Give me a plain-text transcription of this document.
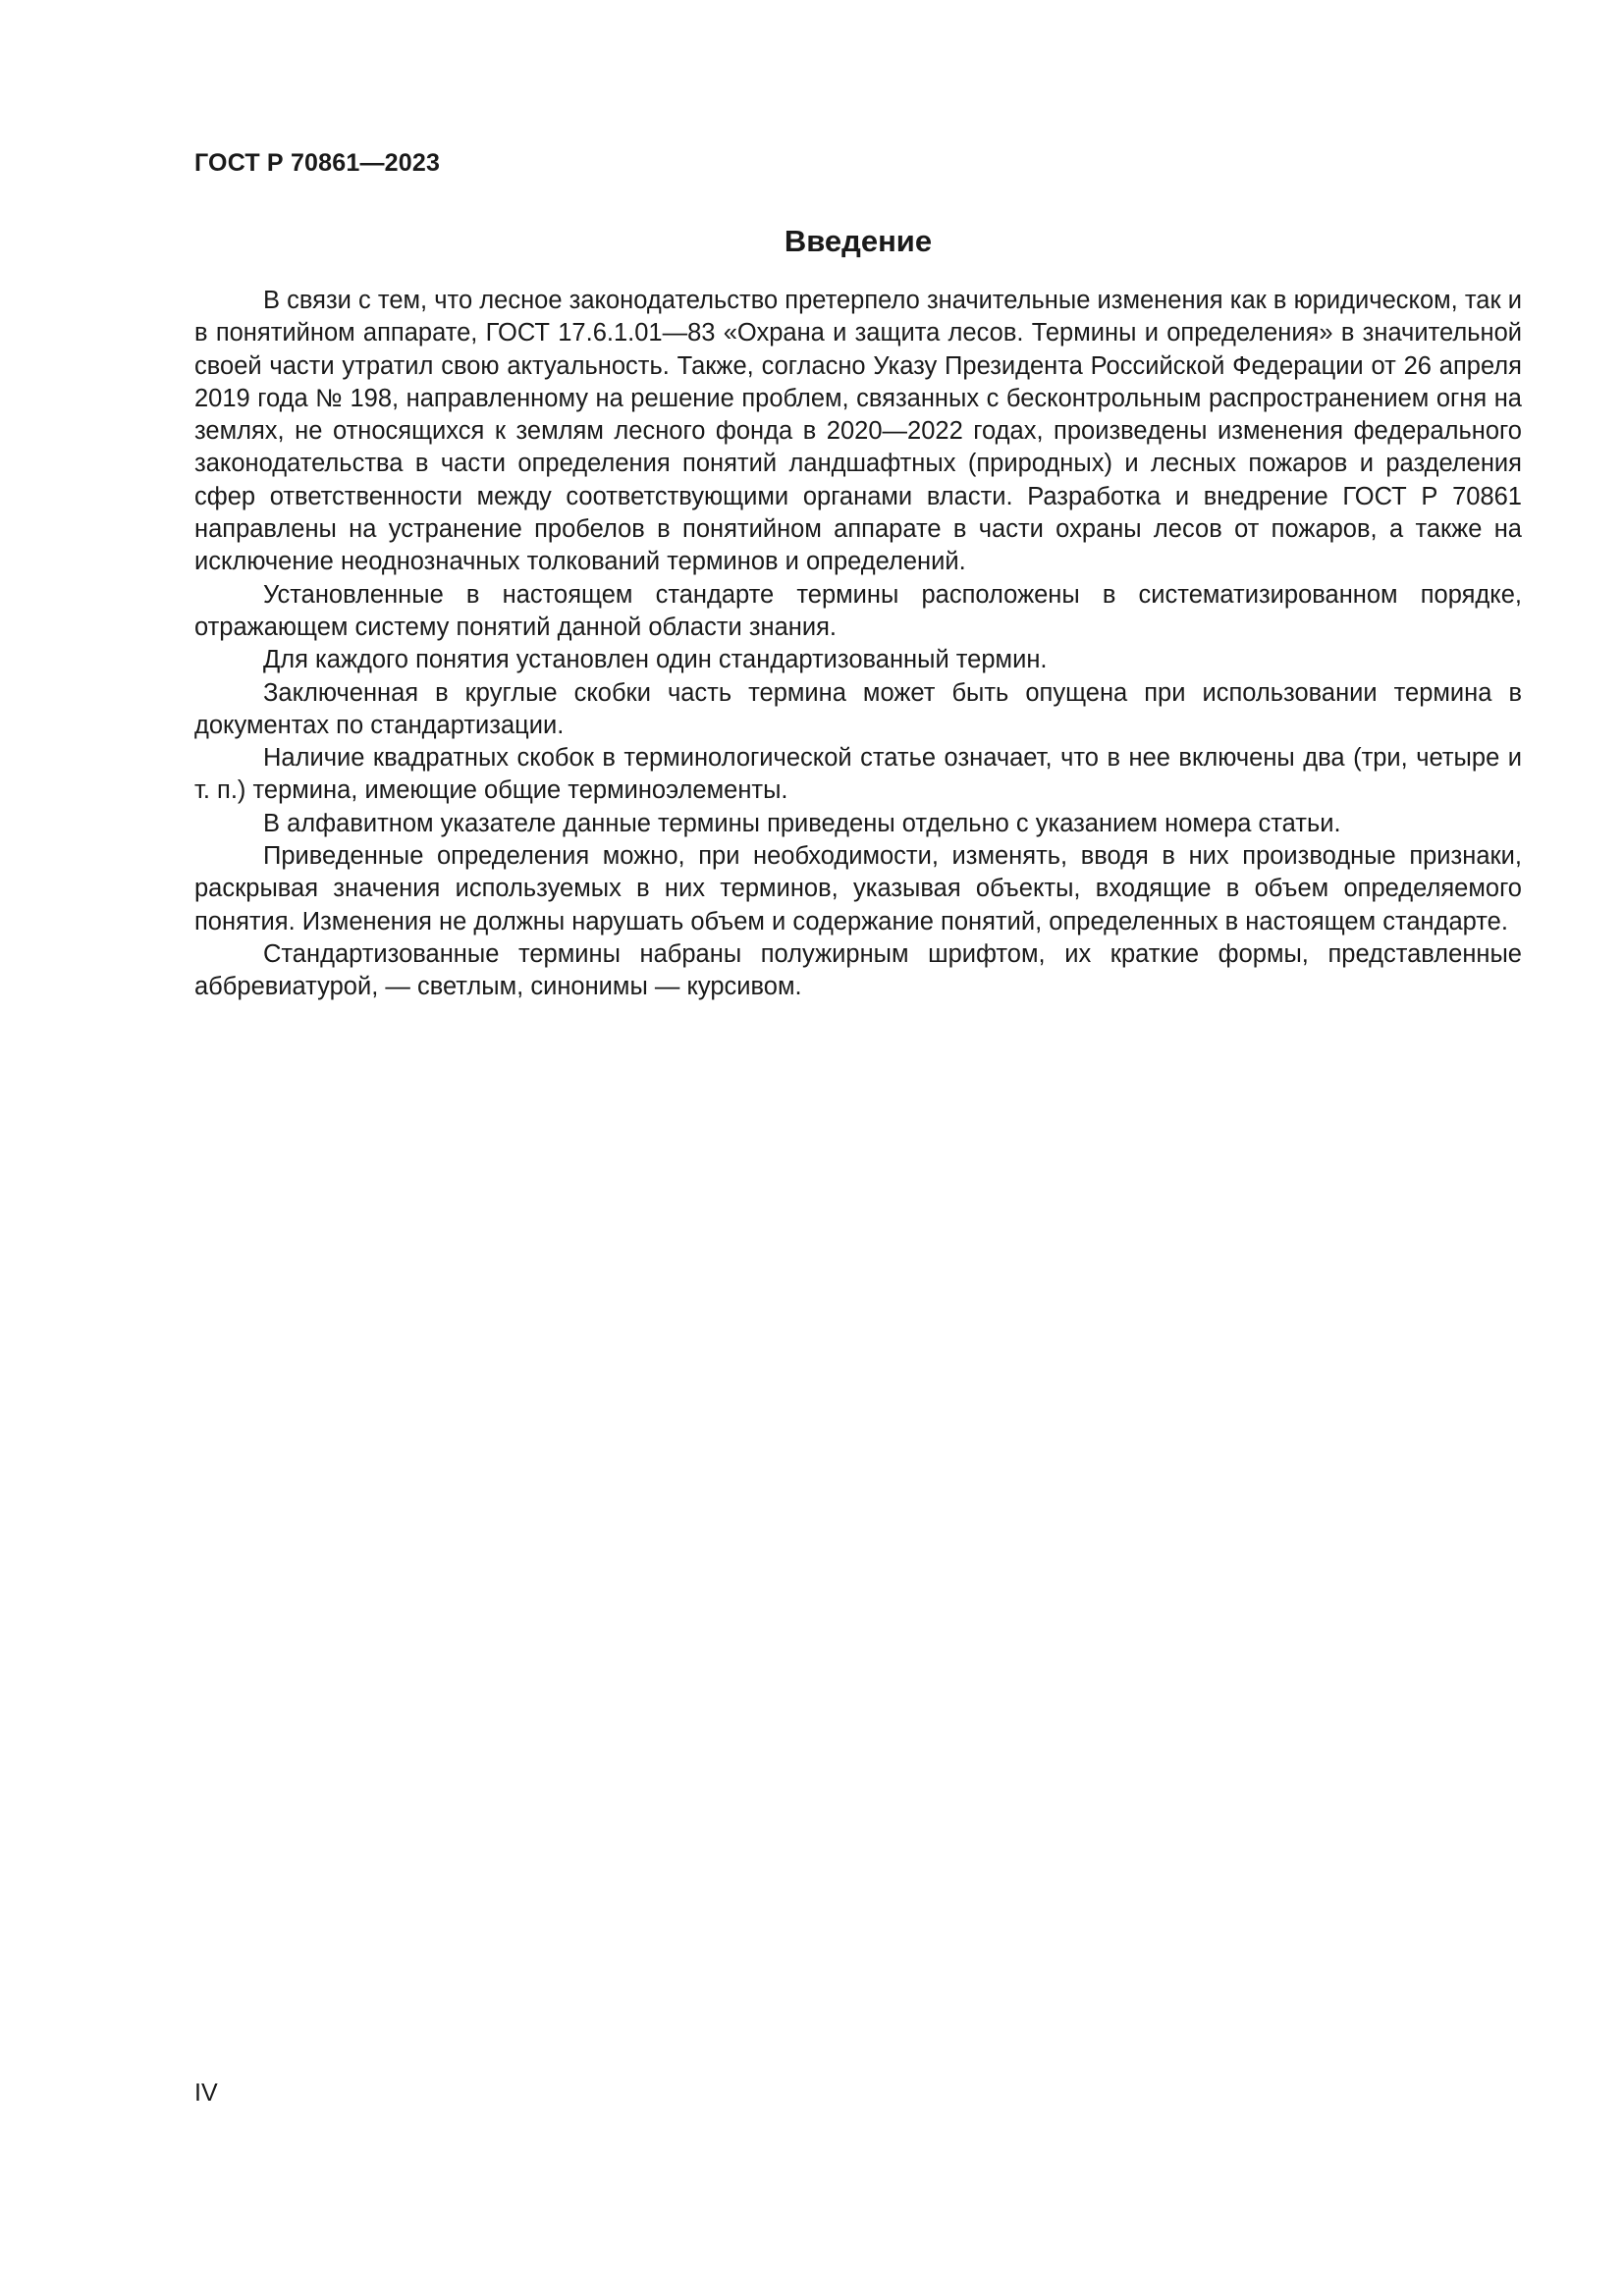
ГОСТ Р 70861—2023
Введение

В связи с тем, что лесное законодательство претерпело значительные изменения как в юридическом, так и в понятийном аппарате, ГОСТ 17.6.1.01—83 «Охрана и защита лесов. Термины и определения» в значительной своей части утратил свою актуальность. Также, согласно Указу Президента Российской Федерации от 26 апреля 2019 года № 198, направленному на решение проблем, связанных с бесконтрольным распространением огня на землях, не относящихся к землям лесного фонда в 2020—2022 годах, произведены изменения федерального законодательства в части определения понятий ландшафтных (природных) и лесных пожаров и разделения сфер ответственности между соответствующими органами власти. Разработка и внедрение ГОСТ Р 70861 направлены на устранение пробелов в понятийном аппарате в части охраны лесов от пожаров, а также на исключение неоднозначных толкований терминов и определений.

Установленные в настоящем стандарте термины расположены в систематизированном порядке, отражающем систему понятий данной области знания.

Для каждого понятия установлен один стандартизованный термин.

Заключенная в круглые скобки часть термина может быть опущена при использовании термина в документах по стандартизации.

Наличие квадратных скобок в терминологической статье означает, что в нее включены два (три, четыре и т. п.) термина, имеющие общие терминоэлементы.

В алфавитном указателе данные термины приведены отдельно с указанием номера статьи.

Приведенные определения можно, при необходимости, изменять, вводя в них производные признаки, раскрывая значения используемых в них терминов, указывая объекты, входящие в объем определяемого понятия. Изменения не должны нарушать объем и содержание понятий, определенных в настоящем стандарте.

Стандартизованные термины набраны полужирным шрифтом, их краткие формы, представленные аббревиатурой, — светлым, синонимы — курсивом.

IV
